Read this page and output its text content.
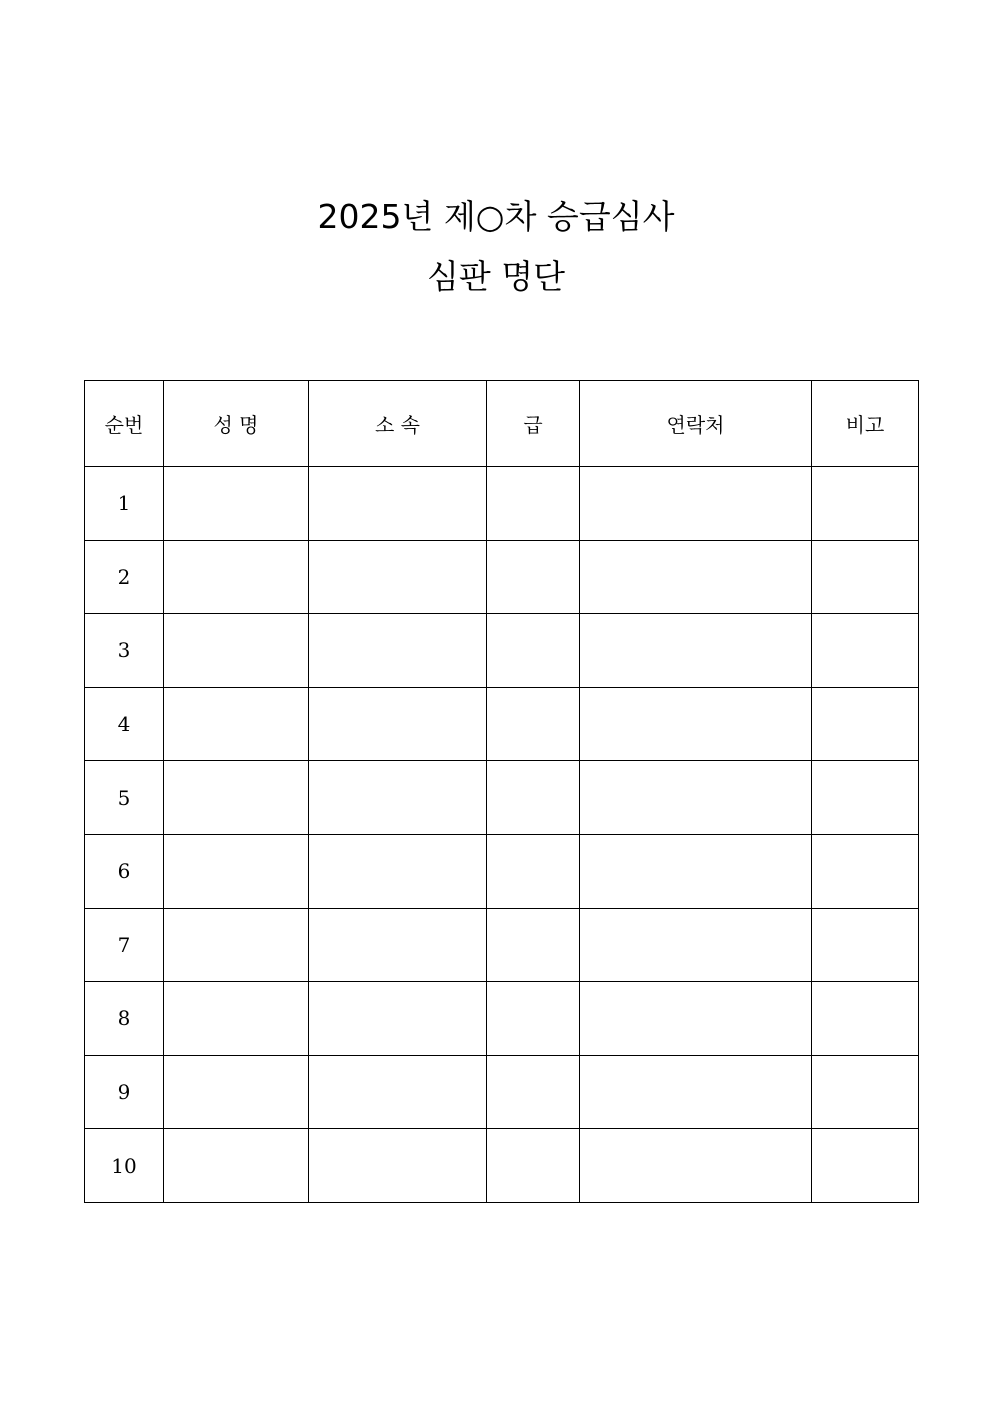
2025년 제○차 승급심사
심판 명단
순번	성 명	소 속	급	연락처	비고
1					
2					
3					
4					
5					
6					
7					
8					
9					
10					
